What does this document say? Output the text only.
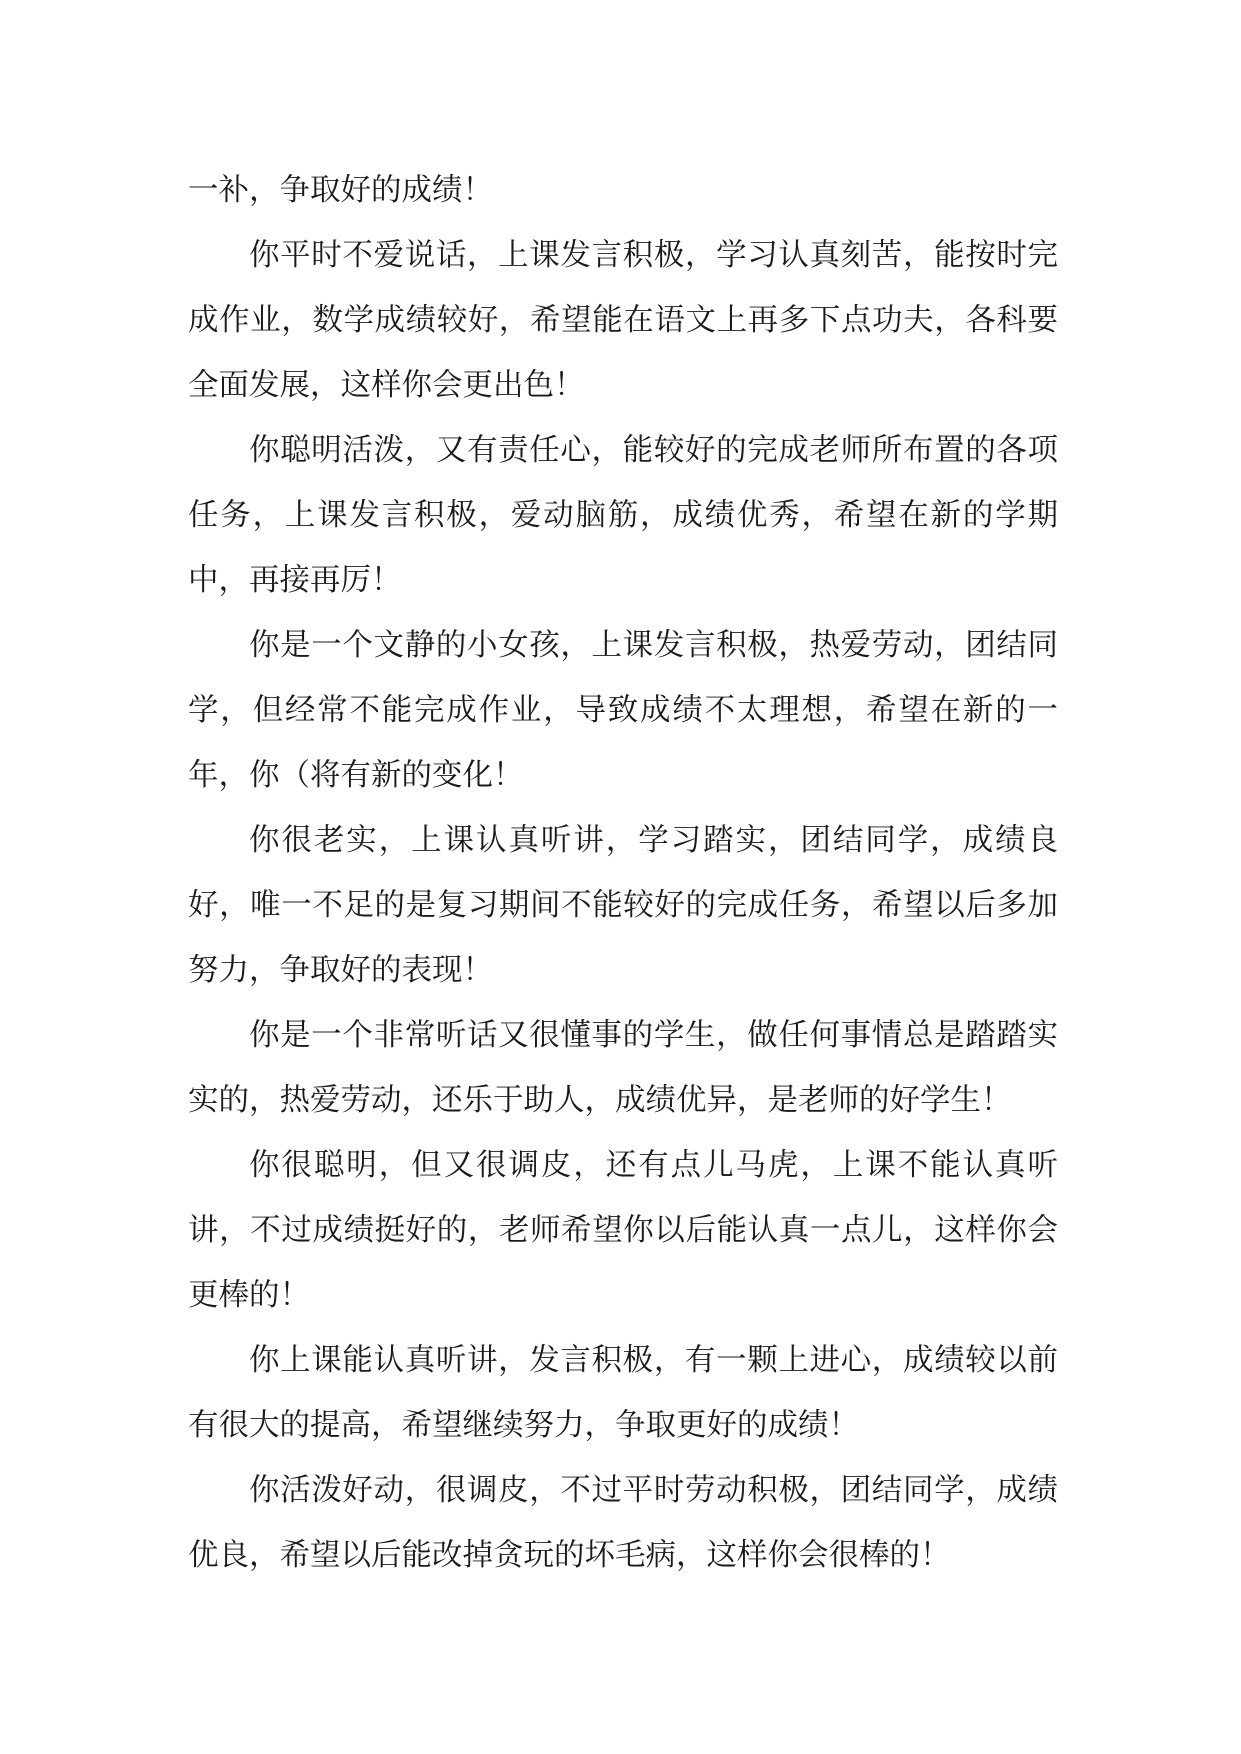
一补，争取好的成绩！

你平时不爱说话，上课发言积极，学习认真刻苦，能按时完成作业，数学成绩较好，希望能在语文上再多下点功夫，各科要全面发展，这样你会更出色！

你聪明活泼，又有责任心，能较好的完成老师所布置的各项任务，上课发言积极，爱动脑筋，成绩优秀，希望在新的学期中，再接再厉！

你是一个文静的小女孩，上课发言积极，热爱劳动，团结同学，但经常不能完成作业，导致成绩不太理想，希望在新的一年，你（将有新的变化！

你很老实，上课认真听讲，学习踏实，团结同学，成绩良好，唯一不足的是复习期间不能较好的完成任务，希望以后多加努力，争取好的表现！

你是一个非常听话又很懂事的学生，做任何事情总是踏踏实实的，热爱劳动，还乐于助人，成绩优异，是老师的好学生！

你很聪明，但又很调皮，还有点儿马虎，上课不能认真听讲，不过成绩挺好的，老师希望你以后能认真一点儿，这样你会更棒的！

你上课能认真听讲，发言积极，有一颗上进心，成绩较以前有很大的提高，希望继续努力，争取更好的成绩！

你活泼好动，很调皮，不过平时劳动积极，团结同学，成绩优良，希望以后能改掉贪玩的坏毛病，这样你会很棒的！
